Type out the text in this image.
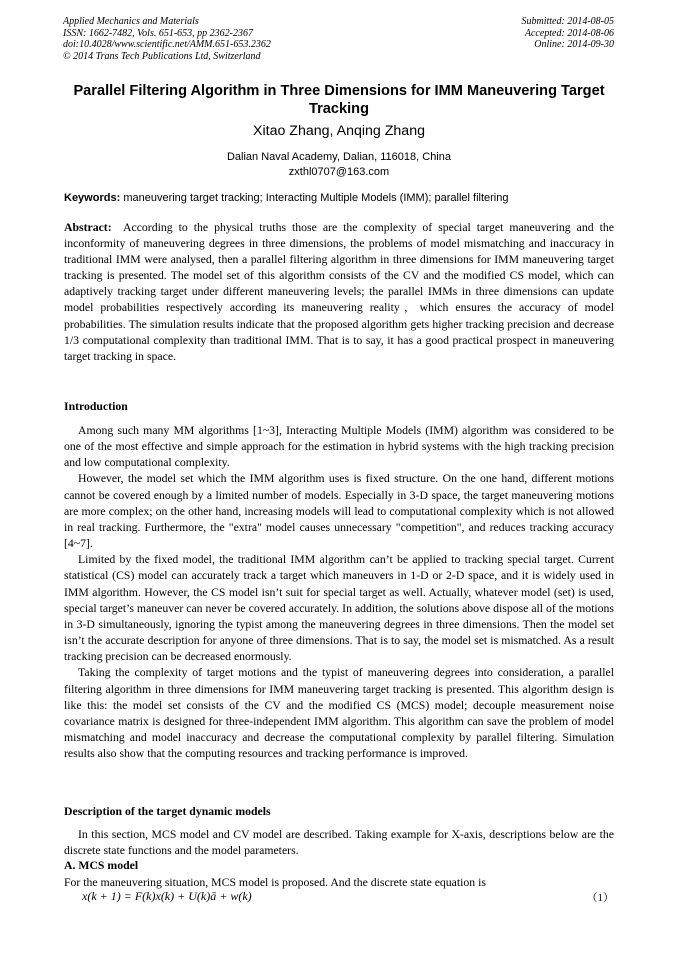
Applied Mechanics and Materials
ISSN: 1662-7482, Vols. 651-653, pp 2362-2367
doi:10.4028/www.scientific.net/AMM.651-653.2362
© 2014 Trans Tech Publications Ltd, Switzerland
Submitted: 2014-08-05
Accepted: 2014-08-06
Online: 2014-09-30
Parallel Filtering Algorithm in Three Dimensions for IMM Maneuvering Target Tracking
Xitao Zhang, Anqing Zhang
Dalian Naval Academy, Dalian, 116018, China
zxthl0707@163.com
Keywords: maneuvering target tracking; Interacting Multiple Models (IMM); parallel filtering
Abstract: According to the physical truths those are the complexity of special target maneuvering and the inconformity of maneuvering degrees in three dimensions, the problems of model mismatching and inaccuracy in traditional IMM were analysed, then a parallel filtering algorithm in three dimensions for IMM maneuvering target tracking is presented. The model set of this algorithm consists of the CV and the modified CS model, which can adaptively tracking target under different maneuvering levels; the parallel IMMs in three dimensions can update model probabilities respectively according its maneuvering reality，which ensures the accuracy of model probabilities. The simulation results indicate that the proposed algorithm gets higher tracking precision and decrease 1/3 computational complexity than traditional IMM. That is to say, it has a good practical prospect in maneuvering target tracking in space.
Introduction

Among such many MM algorithms [1~3], Interacting Multiple Models (IMM) algorithm was considered to be one of the most effective and simple approach for the estimation in hybrid systems with the high tracking precision and low computational complexity.

However, the model set which the IMM algorithm uses is fixed structure. On the one hand, different motions cannot be covered enough by a limited number of models. Especially in 3-D space, the target maneuvering motions are more complex; on the other hand, increasing models will lead to computational complexity which is not allowed in real tracking. Furthermore, the "extra" model causes unnecessary "competition", and reduces tracking accuracy [4~7].

Limited by the fixed model, the traditional IMM algorithm can’t be applied to tracking special target. Current statistical (CS) model can accurately track a target which maneuvers in 1-D or 2-D space, and it is widely used in IMM algorithm. However, the CS model isn’t suit for special target as well. Actually, whatever model (set) is used, special target’s maneuver can never be covered accurately. In addition, the solutions above dispose all of the motions in 3-D simultaneously, ignoring the typist among the maneuvering degrees in three dimensions. Then the model set isn’t the accurate description for anyone of three dimensions. That is to say, the model set is mismatched. As a result tracking precision can be decreased enormously.

Taking the complexity of target motions and the typist of maneuvering degrees into consideration, a parallel filtering algorithm in three dimensions for IMM maneuvering target tracking is presented. This algorithm design is like this: the model set consists of the CV and the modified CS (MCS) model; decouple measurement noise covariance matrix is designed for three-independent IMM algorithm. This algorithm can save the problem of model mismatching and model inaccuracy and decrease the computational complexity by parallel filtering. Simulation results also show that the computing resources and tracking performance is improved.

Description of the target dynamic models

In this section, MCS model and CV model are described. Taking example for X-axis, descriptions below are the discrete state functions and the model parameters.

A. MCS model

For the maneuvering situation, MCS model is proposed. And the discrete state equation is

x(k + 1) = F(k)x(k) + U(k)ā + w(k)	（1）
